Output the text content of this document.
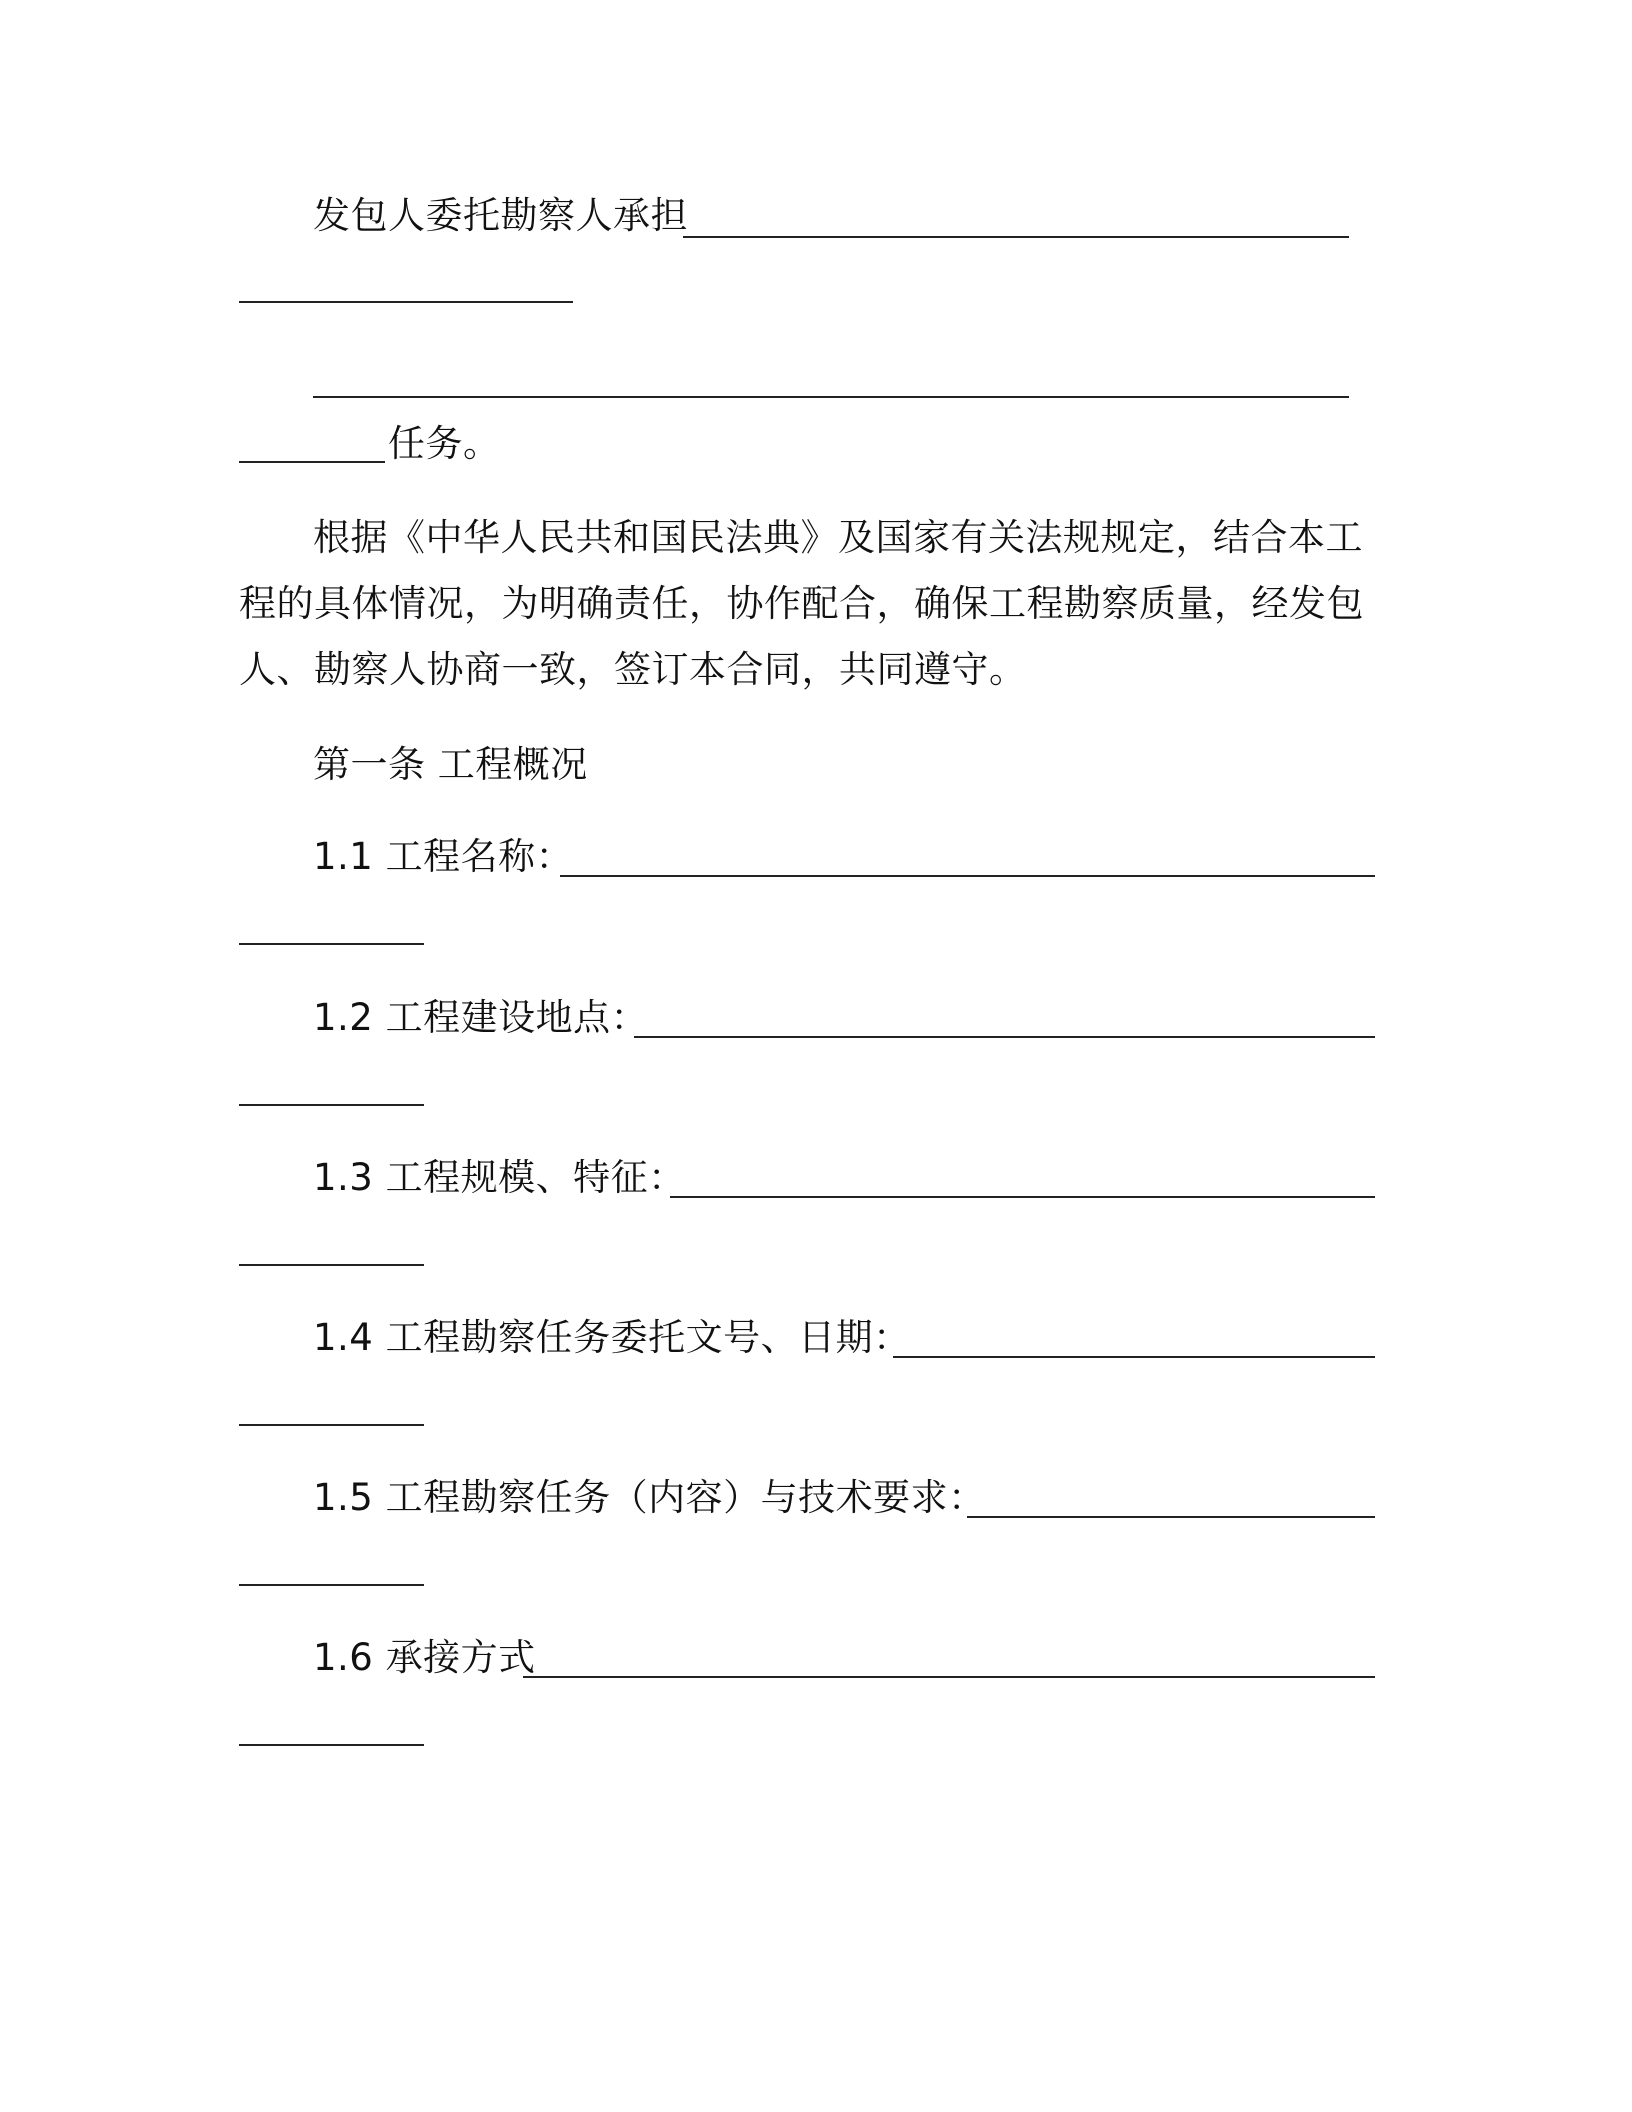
发包人委托勘察人承担
任务。
根据《中华人民共和国民法典》及国家有关法规规定，结合本工
程的具体情况，为明确责任，协作配合，确保工程勘察质量，经发包
人、勘察人协商一致，签订本合同，共同遵守。
第一条 工程概况
1.1 工程名称：
1.2 工程建设地点：
1.3 工程规模、特征：
1.4 工程勘察任务委托文号、日期：
1.5 工程勘察任务（内容）与技术要求：
1.6 承接方式
